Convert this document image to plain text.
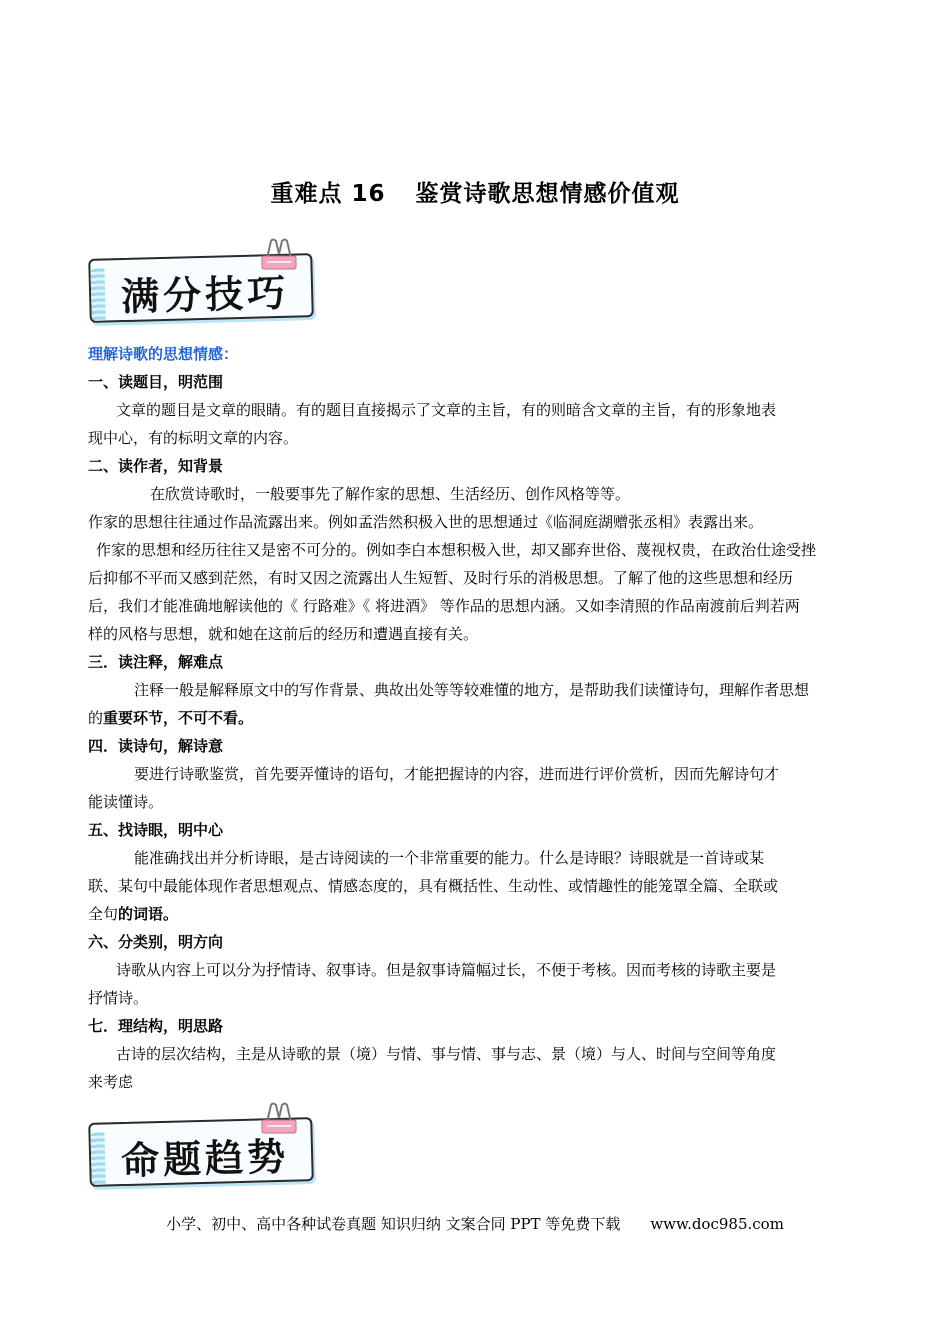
重难点 16 鉴赏诗歌思想情感价值观
满分技巧

理解诗歌的思想情感：

一、读题目，明范围

文章的题目是文章的眼睛。有的题目直接揭示了文章的主旨，有的则暗含文章的主旨，有的形象地表

现中心，有的标明文章的内容。

二、读作者，知背景

在欣赏诗歌时，一般要事先了解作家的思想、生活经历、创作风格等等。

作家的思想往往通过作品流露出来。例如孟浩然积极入世的思想通过《临洞庭湖赠张丞相》表露出来。

作家的思想和经历往往又是密不可分的。例如李白本想积极入世，却又鄙弃世俗、蔑视权贵，在政治仕途受挫

后抑郁不平而又感到茫然，有时又因之流露出人生短暂、及时行乐的消极思想。了解了他的这些思想和经历

后，我们才能准确地解读他的《 行路难》《 将进酒》 等作品的思想内涵。又如李清照的作品南渡前后判若两

样的风格与思想，就和她在这前后的经历和遭遇直接有关。

三．读注释，解难点

注释一般是解释原文中的写作背景、典故出处等等较难懂的地方，是帮助我们读懂诗句，理解作者思想

的重要环节，不可不看。

四．读诗句，解诗意

要进行诗歌鉴赏，首先要弄懂诗的语句，才能把握诗的内容，进而进行评价赏析，因而先解诗句才

能读懂诗。

五、找诗眼，明中心

能准确找出并分析诗眼，是古诗阅读的一个非常重要的能力。什么是诗眼？诗眼就是一首诗或某

联、某句中最能体现作者思想观点、情感态度的，具有概括性、生动性、或情趣性的能笼罩全篇、全联或

全句的词语。

六、分类别，明方向

诗歌从内容上可以分为抒情诗、叙事诗。但是叙事诗篇幅过长，不便于考核。因而考核的诗歌主要是

抒情诗。

七．理结构，明思路

古诗的层次结构，主是从诗歌的景（境）与情、事与情、事与志、景（境）与人、时间与空间等角度

来考虑

命题趋势
小学、初中、高中各种试卷真题 知识归纳 文案合同 PPT 等免费下载 www.doc985.com
